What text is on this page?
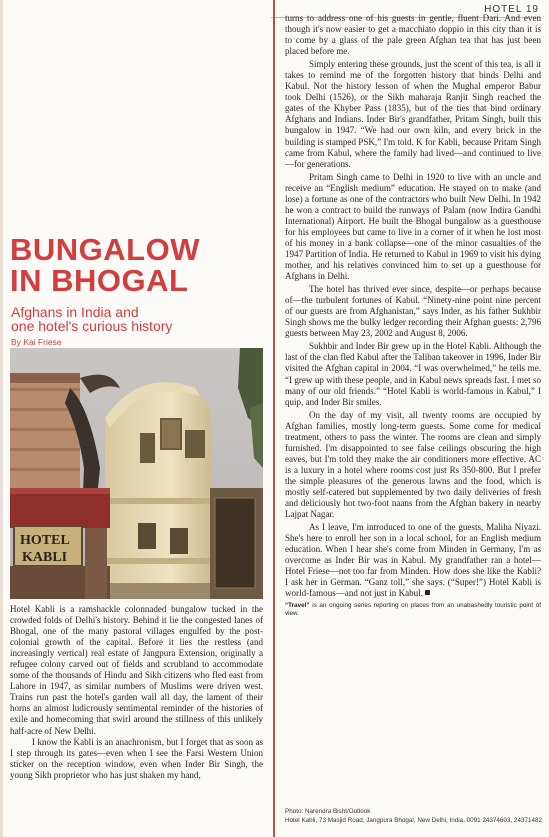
HOTEL 19
BUNGALOW
IN BHOGAL
Afghans in India and
one hotel's curious history
By Kai Friese
HOTEL
KABLI

Hotel Kabli is a ramshackle colonnaded bungalow tucked in the crowded folds of Delhi's history. Behind it lie the congested lanes of Bhogal, one of the many pastoral villages engulfed by the post-colonial growth of the capital. Before it lies the restless (and increasingly vertical) real estate of Jangpura Extension, originally a refugee colony carved out of fields and scrubland to accommodate some of the thousands of Hindu and Sikh citizens who fled east from Lahore in 1947, as similar numbers of Muslims were driven west. Trains run past the hotel's garden wall all day, the lament of their horns an almost ludicrously sentimental reminder of the histories of exile and homecoming that swirl around the stillness of this unlikely half-acre of New Delhi.

I know the Kabli is an anachronism, but I forget that as soon as I step through its gates—even when I see the Farsi Western Union sticker on the reception window, even when Inder Bir Singh, the young Sikh proprietor who has just shaken my hand,

turns to address one of his guests in gentle, fluent Dari. And even though it's now easier to get a macchiato doppio in this city than it is to come by a glass of the pale green Afghan tea that has just been placed before me.

Simply entering these grounds, just the scent of this tea, is all it takes to remind me of the forgotten history that binds Delhi and Kabul. Not the history lesson of when the Mughal emperor Babur took Delhi (1526), or the Sikh maharaja Ranjit Singh reached the gates of the Khyber Pass (1835), but of the ties that bind ordinary Afghans and Indians. Inder Bir's grandfather, Pritam Singh, built this bungalow in 1947. “We had our own kiln, and every brick in the building is stamped PSK,” I'm told. K for Kabli, because Pritam Singh came from Kabul, where the family had lived—and continued to live—for generations.

Pritam Singh came to Delhi in 1920 to live with an uncle and receive an “English medium” education. He stayed on to make (and lose) a fortune as one of the contractors who built New Delhi. In 1942 he won a contract to build the runways of Palam (now Indira Gandhi International) Airport. He built the Bhogal bungalow as a guesthouse for his employees but came to live in a corner of it when he lost most of his money in a bank collapse—one of the minor casualties of the 1947 Partition of India. He returned to Kabul in 1969 to visit his dying mother, and his relatives convinced him to set up a guesthouse for Afghans in Delhi.

The hotel has thrived ever since, despite—or perhaps because of—the turbulent fortunes of Kabul. “Ninety-nine point nine percent of our guests are from Afghanistan,” says Inder, as his father Sukhbir Singh shows me the bulky ledger recording their Afghan guests: 2,796 guests between May 23, 2002 and August 8, 2006.

Sukhbir and Inder Bir grew up in the Hotel Kabli. Although the last of the clan fled Kabul after the Taliban takeover in 1996, Inder Bir visited the Afghan capital in 2004. “I was overwhelmed,” he tells me. “I grew up with these people, and in Kabul news spreads fast. I met so many of our old friends.” “Hotel Kabli is world-famous in Kabul,” I quip, and Inder Bir smiles.

On the day of my visit, all twenty rooms are occupied by Afghan families, mostly long-term guests. Some come for medical treatment, others to pass the winter. The rooms are clean and simply furnished. I'm disappointed to see false ceilings obscuring the high eaves, but I'm told they make the air conditioners more effective. AC is a luxury in a hotel where rooms cost just Rs 350-800. But I prefer the simple pleasures of the generous lawns and the food, which is mostly self-catered but supplemented by two daily deliveries of fresh and deliciously hot two-foot naans from the Afghan bakery in nearby Lajpat Nagar.

As I leave, I'm introduced to one of the guests, Maliha Niyazi. She's here to enroll her son in a local school, for an English medium education. When I hear she's come from Minden in Germany, I'm as overcome as Inder Bir was in Kabul. My grandfather ran a hotel—Hotel Friese—not too far from Minden. How does she like the Kabli? I ask her in German. “Ganz toll,” she says. (“Super!”) Hotel Kabli is world-famous—and not just in Kabul.

“Travel” is an ongoing series reporting on places from an unabashedly touristic point of view.
Photo: Narendra Bisht/Outlook
Hotel Kabli, 73 Masjid Road, Jangpura Bhogal, New Delhi, India, 0091 24374603, 24371482
